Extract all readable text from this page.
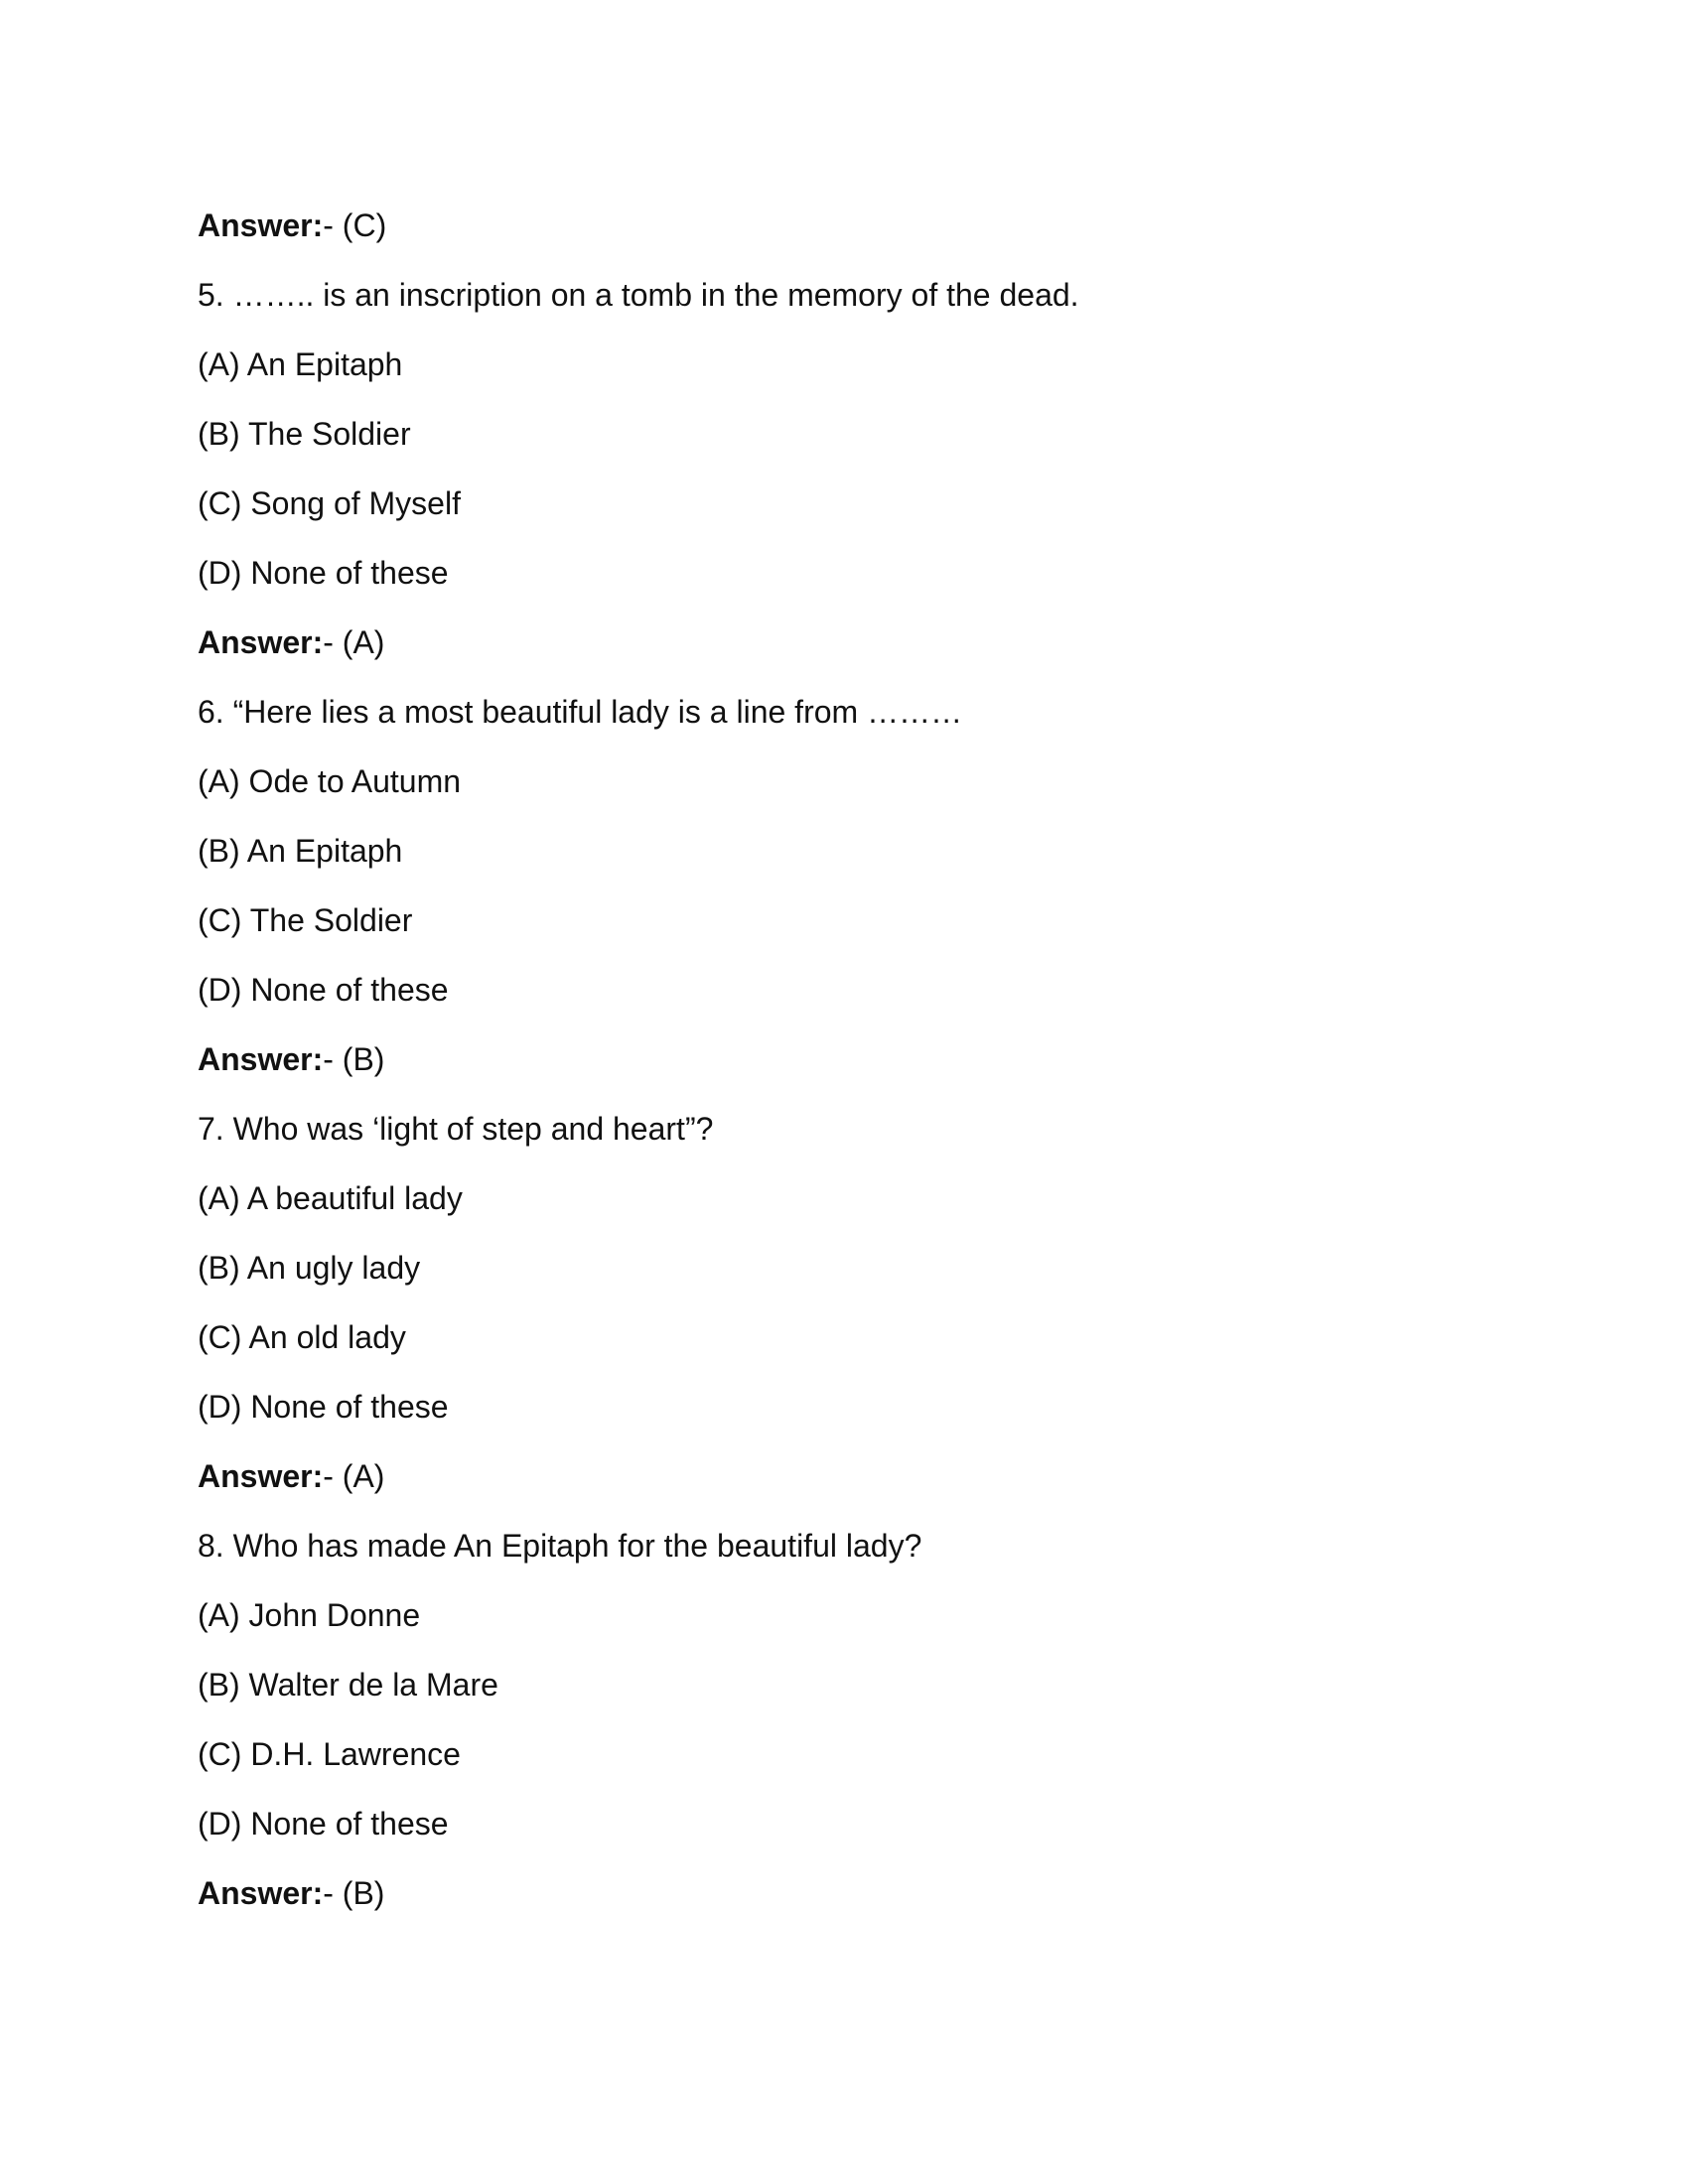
Answer:- (C)
5. …….. is an inscription on a tomb in the memory of the dead.
(A) An Epitaph
(B) The Soldier
(C) Song of Myself
(D) None of these
Answer:- (A)
6. “Here lies a most beautiful lady is a line from ………
(A) Ode to Autumn
(B) An Epitaph
(C) The Soldier
(D) None of these
Answer:- (B)
7. Who was ‘light of step and heart”?
(A) A beautiful lady
(B) An ugly lady
(C) An old lady
(D) None of these
Answer:- (A)
8. Who has made An Epitaph for the beautiful lady?
(A) John Donne
(B) Walter de la Mare
(C) D.H. Lawrence
(D) None of these
Answer:- (B)
